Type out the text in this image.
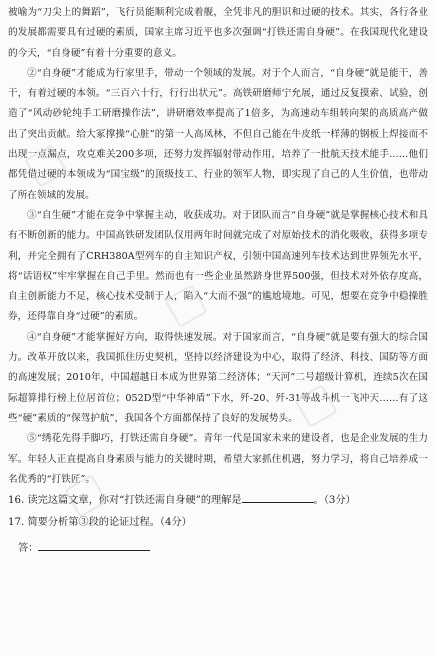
被喻为“刀尖上的舞蹈”，飞行员能顺利完成着舰，全凭非凡的胆识和过硬的技术。其实，各行各业的发展都需要具有过硬的素质，国家主席习近平也多次强调“打铁还需自身硬”。在我国现代化建设的今天，“自身硬”有着十分重要的意义。

②“自身硬”才能成为行家里手，带动一个领域的发展。对于个人而言，“自身硬”就是能干，善干，有着过硬的本领。“三百六十行，行行出状元”。高铁研磨师宁允展，通过反复摸索、试验，创造了“风动砂轮纯手工研磨操作法”，讲研磨效率提高了1倍多，为高速动车组转向架的高质高产做出了突出贡献。给大冢撑操“心脏”的第一人高凤林，不但自己能在牛皮纸一样薄的钢板上焊接而不出现一点漏点，攻克难关200多项，还努力发挥辐射带动作用，培养了一批航天技术能手……他们都凭借过硬的本领成为“国宝级”的顶级技工、行业的领军人物，即实现了自己的人生价值，也带动了所在领域的发展。

③“自生硬”才能在竞争中掌握主动，收获成功。对于团队而言“自身硬”就是掌握核心技术和具有不断创新的能力。中国高铁研发团队仅用两年时间就完成了对原始技术的消化吸收，获得多项专利，并完全拥有了CRH380A型列车的自主知识产权，引领中国高速列车技术达到世界领先水平，将“话语权”牢牢掌握在自己手里。然而也有一些企业虽然跻身世界500强，但技术对外依存度高，自主创新能力不足，核心技术受制于人，陷入“大而不强”的尴尬境地。可见，想要在竞争中稳操胜券，还得靠自身“过硬”的素质。

④“自身硬”才能掌握好方向，取得快速发展。对于国家而言，“自身硬”就是要有强大的综合国力。改革开放以来，我国抓住历史契机，坚持以经济建设为中心，取得了经济、科技、国防等方面的高速发展；2010年，中国超越日本成为世界第二经济体；“天河”二号超级计算机，连续5次在国际超算排行榜上位居首位；052D型“中华神盾”下水，歼-20、歼-31等战斗机一飞冲天……有了这些“硬”素质的“保驾护航”，我国各个方面都保持了良好的发展势头。

⑤“绣花先得手脚巧，打铁还需自身硬”。青年一代是国家未来的建设者，也是企业发展的生力军。年轻人正直提高自身素质与能力的关键时期，希望大家抓住机遇，努力学习，将自己培养成一名优秀的“打铁匠”。

16. 读完这篇文章，你对“打铁还需自身硬”的理解是	。（3分）

17. 简要分析第③段的论证过程。（4分）

答：
